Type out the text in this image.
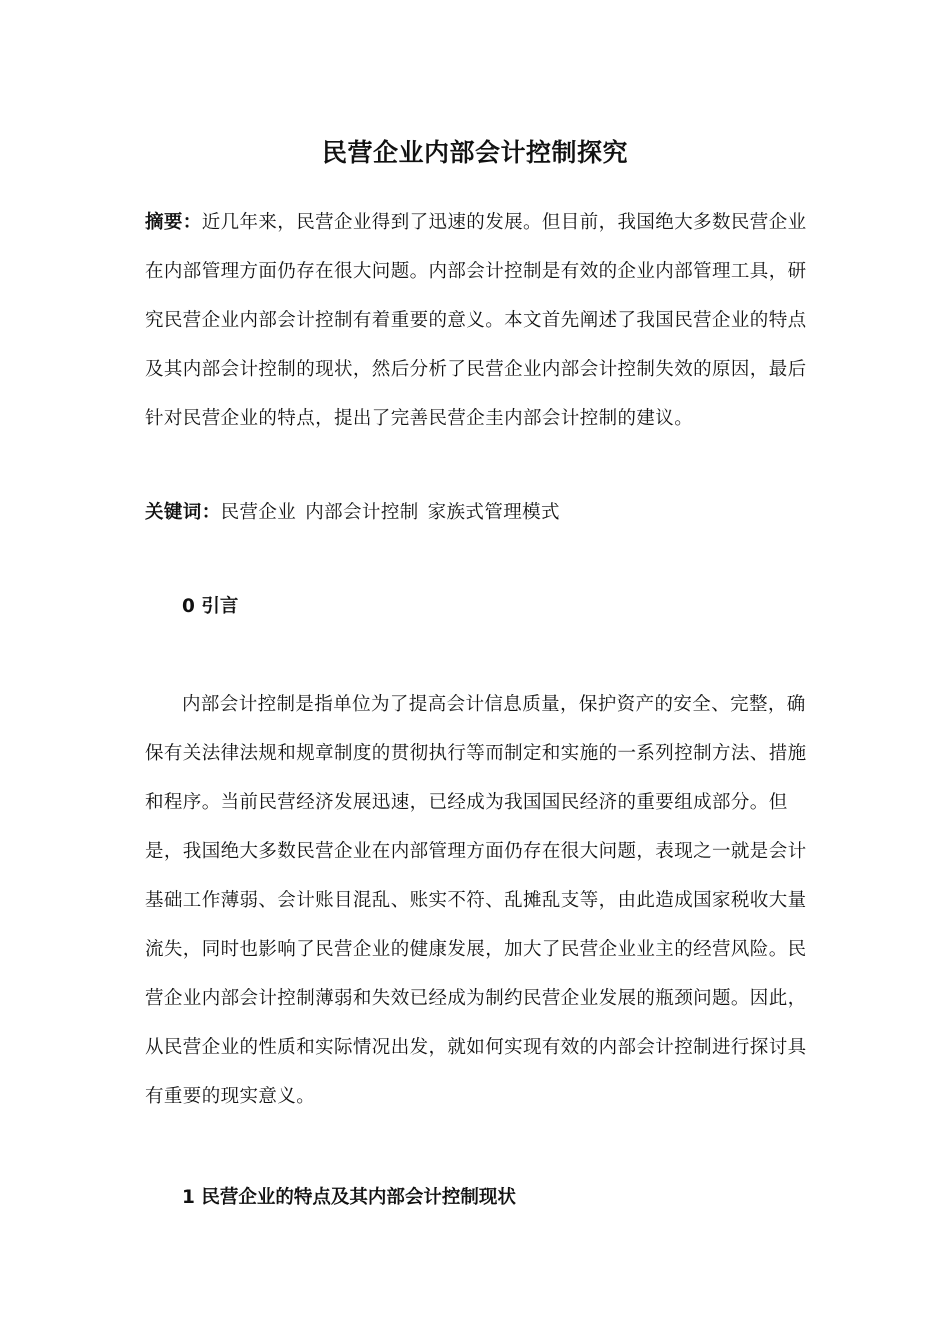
民营企业内部会计控制探究

摘要：近几年来，民营企业得到了迅速的发展。但目前，我国绝大多数民营企业在内部管理方面仍存在很大问题。内部会计控制是有效的企业内部管理工具，研究民营企业内部会计控制有着重要的意义。本文首先阐述了我国民营企业的特点及其内部会计控制的现状，然后分析了民营企业内部会计控制失效的原因，最后针对民营企业的特点，提出了完善民营企圭内部会计控制的建议。

关键词：民营企业 内部会计控制 家族式管理模式

0 引言

内部会计控制是指单位为了提高会计信息质量，保护资产的安全、完整，确保有关法律法规和规章制度的贯彻执行等而制定和实施的一系列控制方法、措施和程序。当前民营经济发展迅速，已经成为我国国民经济的重要组成部分。但是，我国绝大多数民营企业在内部管理方面仍存在很大问题，表现之一就是会计基础工作薄弱、会计账目混乱、账实不符、乱摊乱支等，由此造成国家税收大量流失，同时也影响了民营企业的健康发展，加大了民营企业业主的经营风险。民营企业内部会计控制薄弱和失效已经成为制约民营企业发展的瓶颈问题。因此，从民营企业的性质和实际情况出发，就如何实现有效的内部会计控制进行探讨具有重要的现实意义。

1 民营企业的特点及其内部会计控制现状
